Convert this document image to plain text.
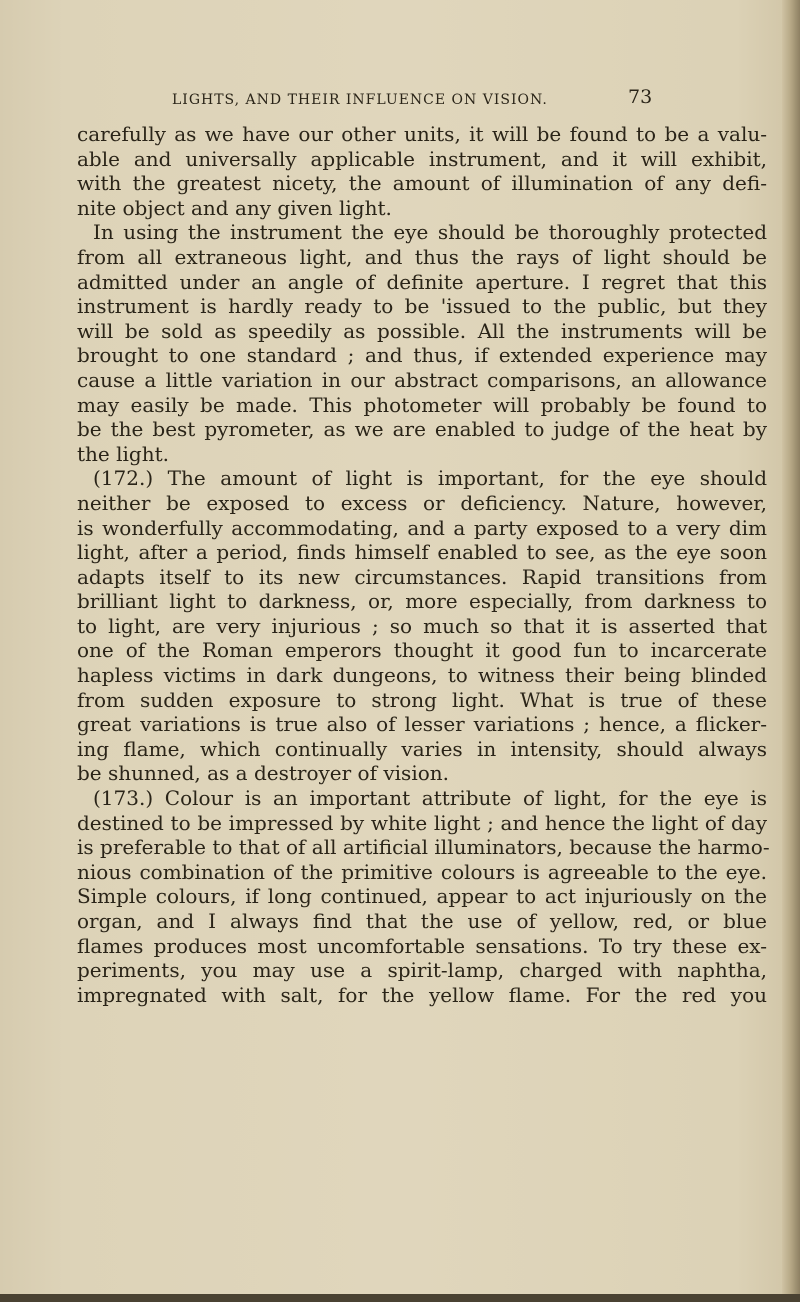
LIGHTS, AND THEIR INFLUENCE ON VISION.	73
carefully as we have our other units, it will be found to be a valu-
able and universally applicable instrument, and it will exhibit,
with the greatest nicety, the amount of illumination of any defi-
nite object and any given light.
In using the instrument the eye should be thoroughly protected
from all extraneous light, and thus the rays of light should be
admitted under an angle of definite aperture. I regret that this
instrument is hardly ready to be 'issued to the public, but they
will be sold as speedily as possible. All the instruments will be
brought to one standard ; and thus, if extended experience may
cause a little variation in our abstract comparisons, an allowance
may easily be made. This photometer will probably be found to
be the best pyrometer, as we are enabled to judge of the heat by
the light.
(172.) The amount of light is important, for the eye should
neither be exposed to excess or deficiency. Nature, however,
is wonderfully accommodating, and a party exposed to a very dim
light, after a period, finds himself enabled to see, as the eye soon
adapts itself to its new circumstances. Rapid transitions from
brilliant light to darkness, or, more especially, from darkness to
to light, are very injurious ; so much so that it is asserted that
one of the Roman emperors thought it good fun to incarcerate
hapless victims in dark dungeons, to witness their being blinded
from sudden exposure to strong light. What is true of these
great variations is true also of lesser variations ; hence, a flicker-
ing flame, which continually varies in intensity, should always
be shunned, as a destroyer of vision.
(173.) Colour is an important attribute of light, for the eye is
destined to be impressed by white light ; and hence the light of day
is preferable to that of all artificial illuminators, because the harmo-
nious combination of the primitive colours is agreeable to the eye.
Simple colours, if long continued, appear to act injuriously on the
organ, and I always find that the use of yellow, red, or blue
flames produces most uncomfortable sensations. To try these ex-
periments, you may use a spirit-lamp, charged with naphtha,
impregnated with salt, for the yellow flame. For the red you
